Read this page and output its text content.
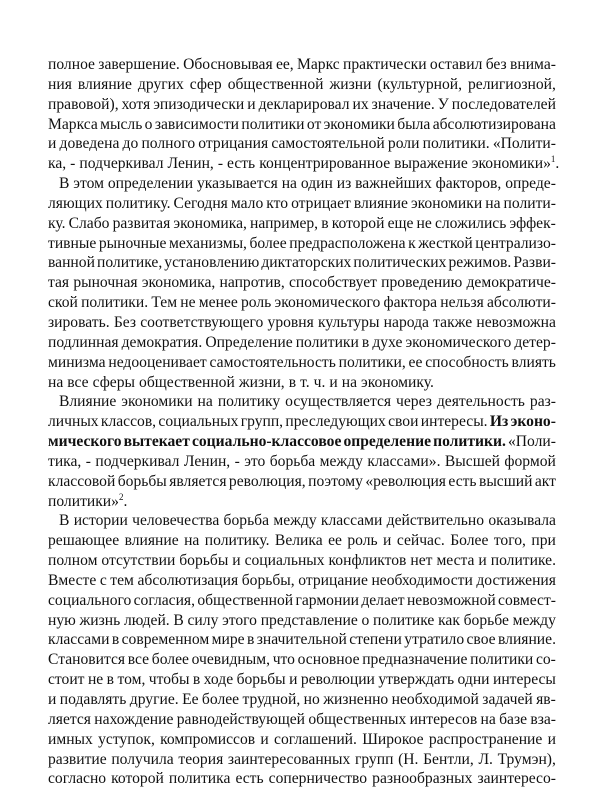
полное завершение. Обосновывая ее, Маркс практически оставил без внима-
ния влияние других сфер общественной жизни (культурной, религиозной,
правовой), хотя эпизодически и декларировал их значение. У последователей
Маркса мысль о зависимости политики от экономики была абсолютизирована
и доведена до полного отрицания самостоятельной роли политики. «Полити-
ка, - подчеркивал Ленин, - есть концентрированное выражение экономики»$^1$.
В этом определении указывается на один из важнейших факторов, опреде-
ляющих политику. Сегодня мало кто отрицает влияние экономики на полити-
ку. Слабо развитая экономика, например, в которой еще не сложились эффек-
тивные рыночные механизмы, более предрасположена к жесткой централизо-
ванной политике, установлению диктаторских политических режимов. Разви-
тая рыночная экономика, напротив, способствует проведению демократиче-
ской политики. Тем не менее роль экономического фактора нельзя абсолюти-
зировать. Без соответствующего уровня культуры народа также невозможна
подлинная демократия. Определение политики в духе экономического детер-
минизма недооценивает самостоятельность политики, ее способность влиять
на все сферы общественной жизни, в т. ч. и на экономику.
Влияние экономики на политику осуществляется через деятельность раз-
личных классов, социальных групп, преследующих свои интересы. Из эконо-
мического вытекает социально-классовое определение политики. «Поли-
тика, - подчеркивал Ленин, - это борьба между классами». Высшей формой
классовой борьбы является революция, поэтому «революция есть высший акт
политики»$^2$.
В истории человечества борьба между классами действительно оказывала
решающее влияние на политику. Велика ее роль и сейчас. Более того, при
полном отсутствии борьбы и социальных конфликтов нет места и политике.
Вместе с тем абсолютизация борьбы, отрицание необходимости достижения
социального согласия, общественной гармонии делает невозможной совмест-
ную жизнь людей. В силу этого представление о политике как борьбе между
классами в современном мире в значительной степени утратило свое влияние.
Становится все более очевидным, что основное предназначение политики со-
стоит не в том, чтобы в ходе борьбы и революции утверждать одни интересы
и подавлять другие. Ее более трудной, но жизненно необходимой задачей яв-
ляется нахождение равнодействующей общественных интересов на базе вза-
имных уступок, компромиссов и соглашений. Широкое распространение и
развитие получила теория заинтересованных групп (Н. Бентли, Л. Трумэн),
согласно которой политика есть соперничество разнообразных заинтересо-
